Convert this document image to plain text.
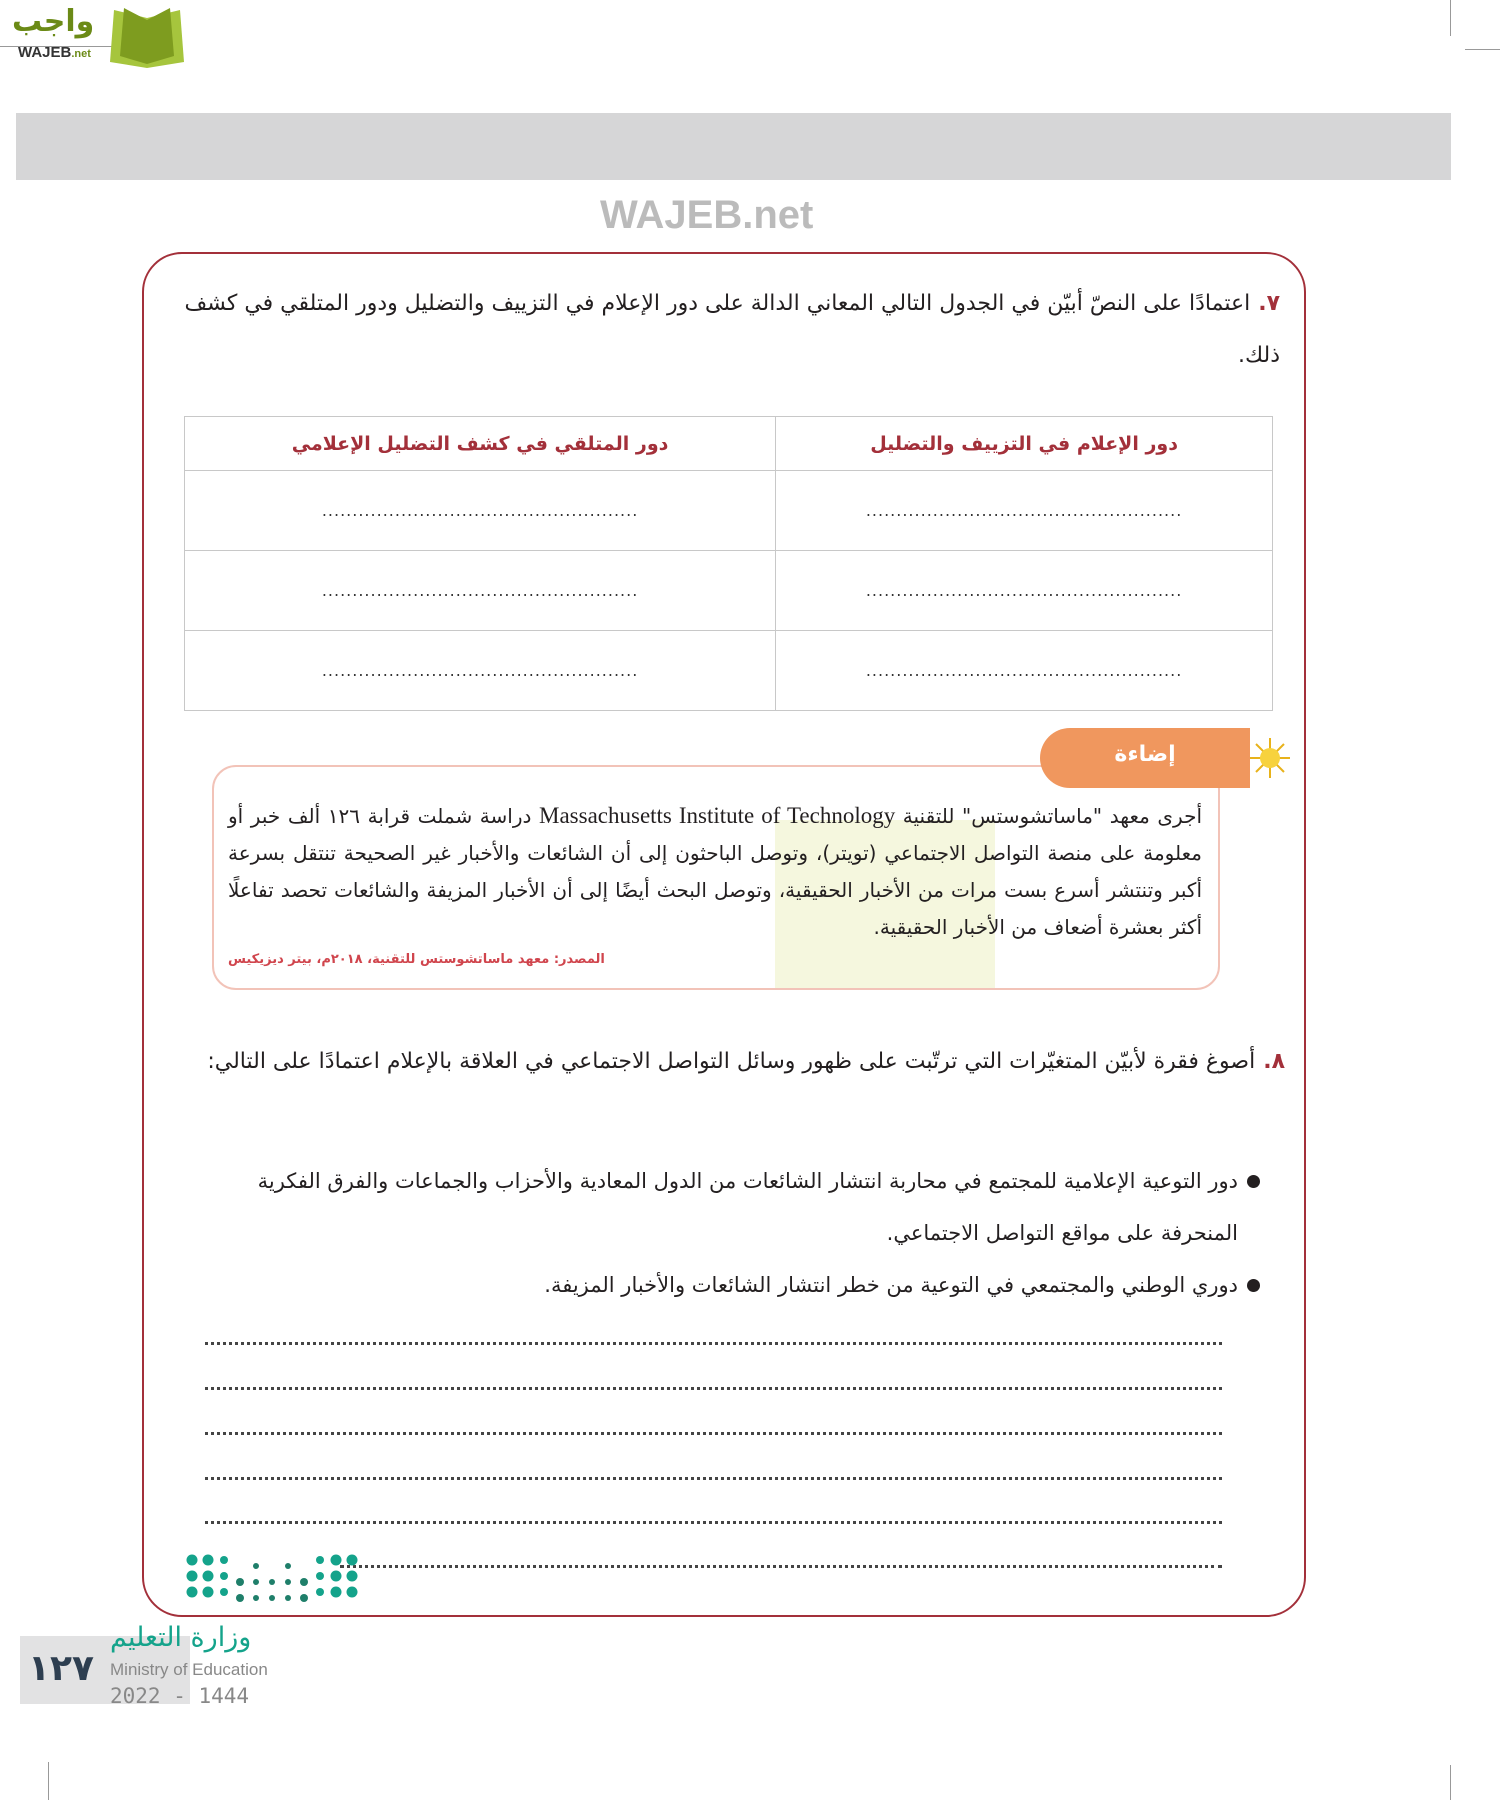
واجب
WAJEB.net
WAJEB.net
٧.اعتمادًا على النصّ أبيّن في الجدول التالي المعاني الدالة على دور الإعلام في التزييف والتضليل ودور المتلقي في كشف ذلك.
دور الإعلام في التزييف والتضليل	دور المتلقي في كشف التضليل الإعلامي
....................................................	....................................................
....................................................	....................................................
....................................................	....................................................
إضاءة

أجرى معهد "ماساتشوستس" للتقنية Massachusetts Institute of Technology دراسة شملت قرابة ١٢٦ ألف خبر أو معلومة على منصة التواصل الاجتماعي (تويتر)، وتوصل الباحثون إلى أن الشائعات والأخبار غير الصحيحة تنتقل بسرعة أكبر وتنتشر أسرع بست مرات من الأخبار الحقيقية، وتوصل البحث أيضًا إلى أن الأخبار المزيفة والشائعات تحصد تفاعلًا أكثر بعشرة أضعاف من الأخبار الحقيقية.

المصدر: معهد ماساتشوستس للتقنية، ٢٠١٨م، بيتر ديزيكيس
٨.أصوغ فقرة لأبيّن المتغيّرات التي ترتّبت على ظهور وسائل التواصل الاجتماعي في العلاقة بالإعلام اعتمادًا على التالي:
دور التوعية الإعلامية للمجتمع في محاربة انتشار الشائعات من الدول المعادية والأحزاب والجماعات والفرق الفكرية المنحرفة على مواقع التواصل الاجتماعي.
دوري الوطني والمجتمعي في التوعية من خطر انتشار الشائعات والأخبار المزيفة.
١٢٧
وزارة التعليم
Ministry of Education
2022 - 1444
